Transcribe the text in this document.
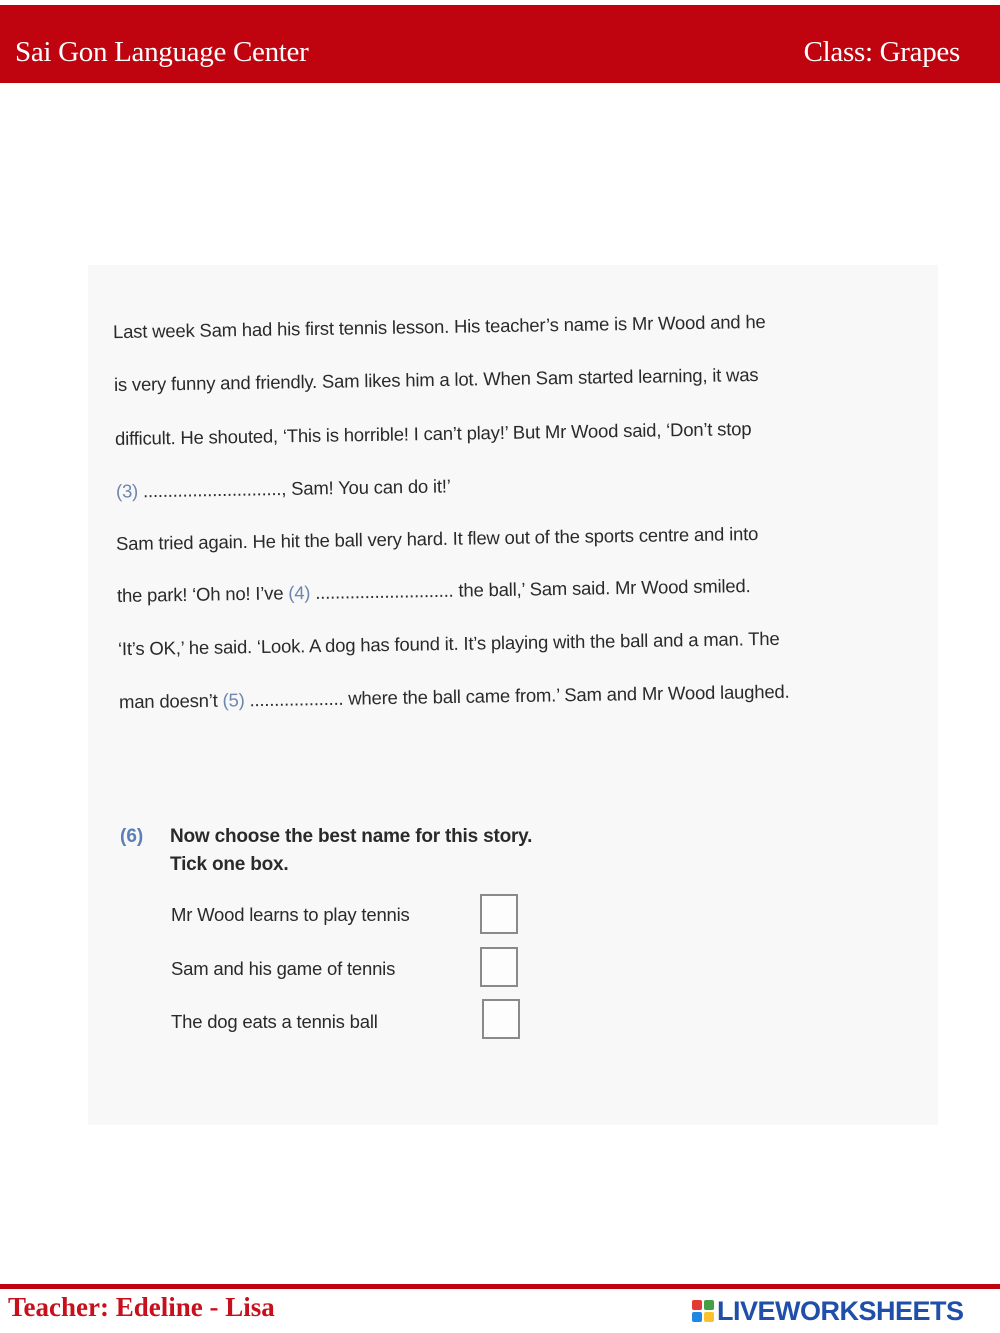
Sai Gon Language Center	Class: Grapes
Last week Sam had his first tennis lesson. His teacher’s name is Mr Wood and he
is very funny and friendly. Sam likes him a lot. When Sam started learning, it was
difficult. He shouted, ‘This is horrible! I can’t play!’ But Mr Wood said, ‘Don’t stop
(3) ............................, Sam! You can do it!’
Sam tried again. He hit the ball very hard. It flew out of the sports centre and into
the park! ‘Oh no! I’ve (4) ............................ the ball,’ Sam said. Mr Wood smiled.
‘It’s OK,’ he said. ‘Look. A dog has found it. It’s playing with the ball and a man. The
man doesn’t (5) ................... where the ball came from.’ Sam and Mr Wood laughed.
(6) Now choose the best name for this story.
Tick one box.
Mr Wood learns to play tennis
Sam and his game of tennis
The dog eats a tennis ball
Teacher: Edeline - Lisa	LIVEWORKSHEETS
